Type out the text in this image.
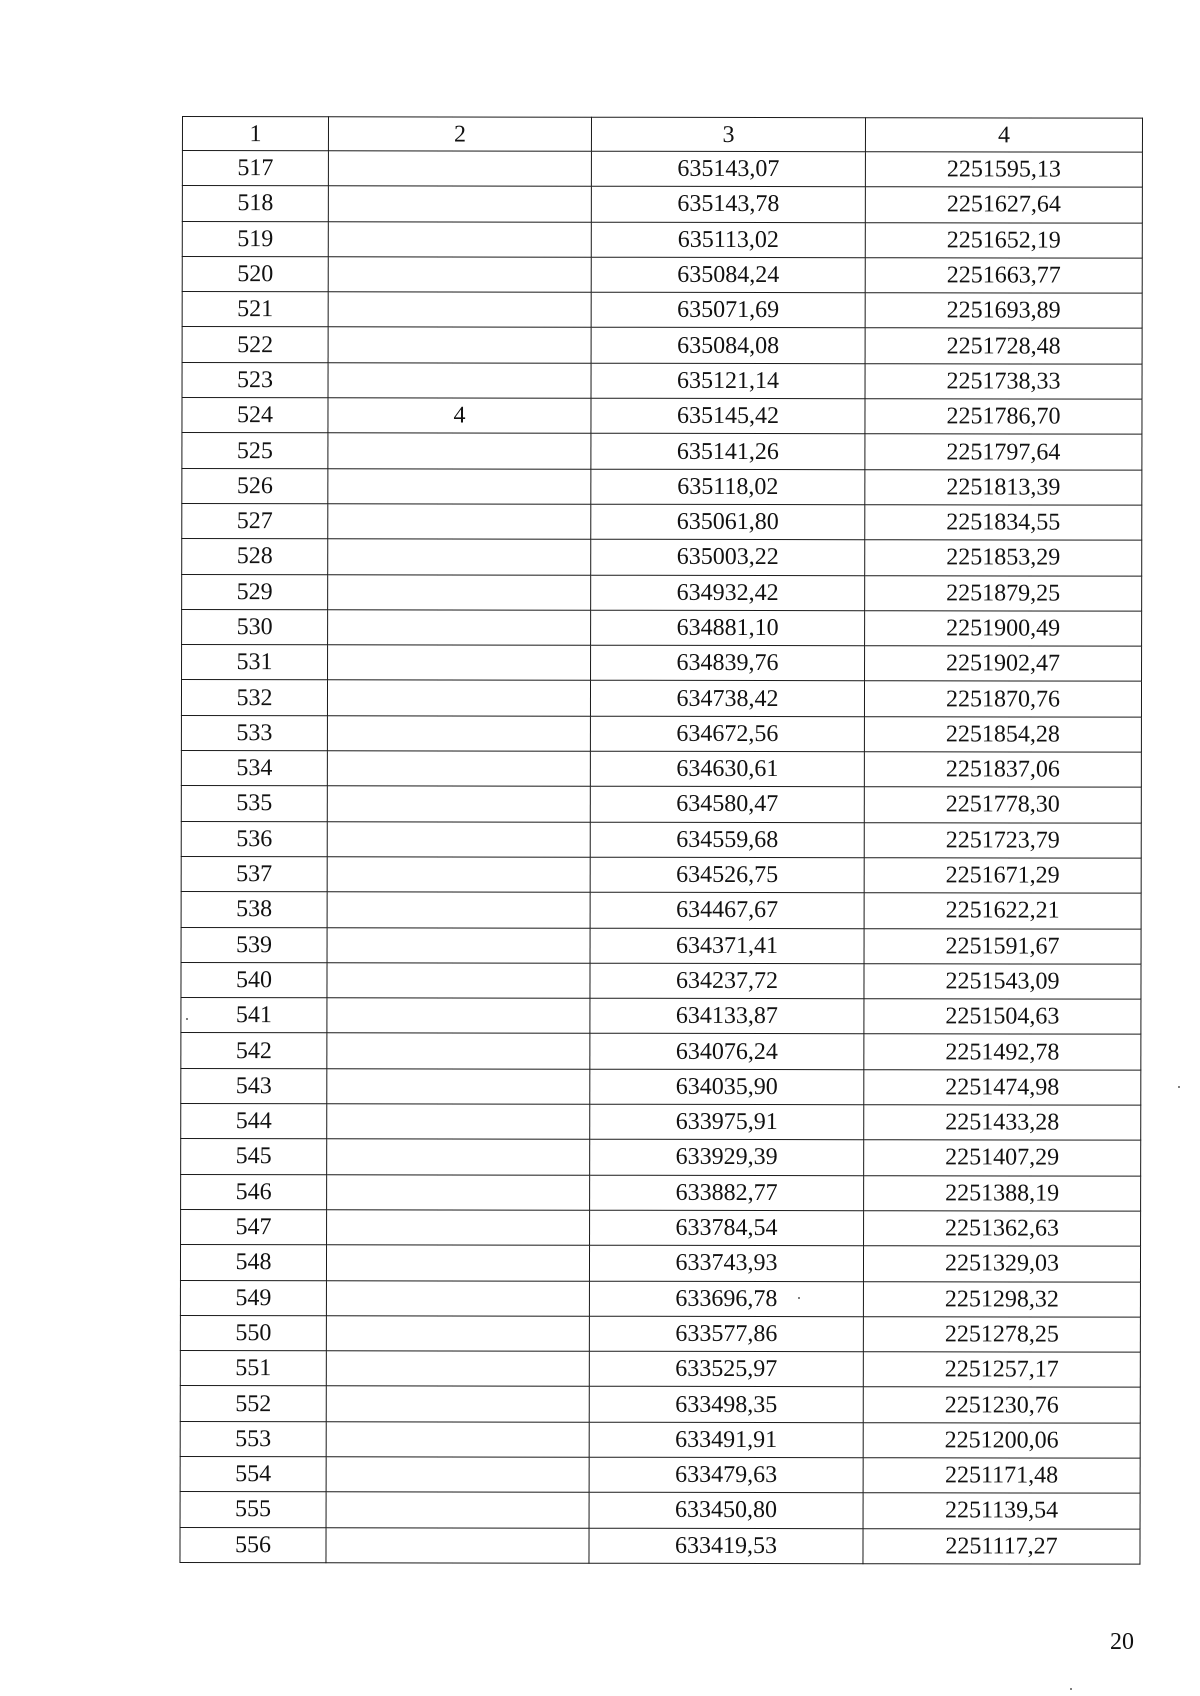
1	2	3	4
517		635143,07	2251595,13
518		635143,78	2251627,64
519		635113,02	2251652,19
520		635084,24	2251663,77
521		635071,69	2251693,89
522		635084,08	2251728,48
523		635121,14	2251738,33
524	4	635145,42	2251786,70
525		635141,26	2251797,64
526		635118,02	2251813,39
527		635061,80	2251834,55
528		635003,22	2251853,29
529		634932,42	2251879,25
530		634881,10	2251900,49
531		634839,76	2251902,47
532		634738,42	2251870,76
533		634672,56	2251854,28
534		634630,61	2251837,06
535		634580,47	2251778,30
536		634559,68	2251723,79
537		634526,75	2251671,29
538		634467,67	2251622,21
539		634371,41	2251591,67
540		634237,72	2251543,09
541		634133,87	2251504,63
542		634076,24	2251492,78
543		634035,90	2251474,98
544		633975,91	2251433,28
545		633929,39	2251407,29
546		633882,77	2251388,19
547		633784,54	2251362,63
548		633743,93	2251329,03
549		633696,78	2251298,32
550		633577,86	2251278,25
551		633525,97	2251257,17
552		633498,35	2251230,76
553		633491,91	2251200,06
554		633479,63	2251171,48
555		633450,80	2251139,54
556		633419,53	2251117,27
20
